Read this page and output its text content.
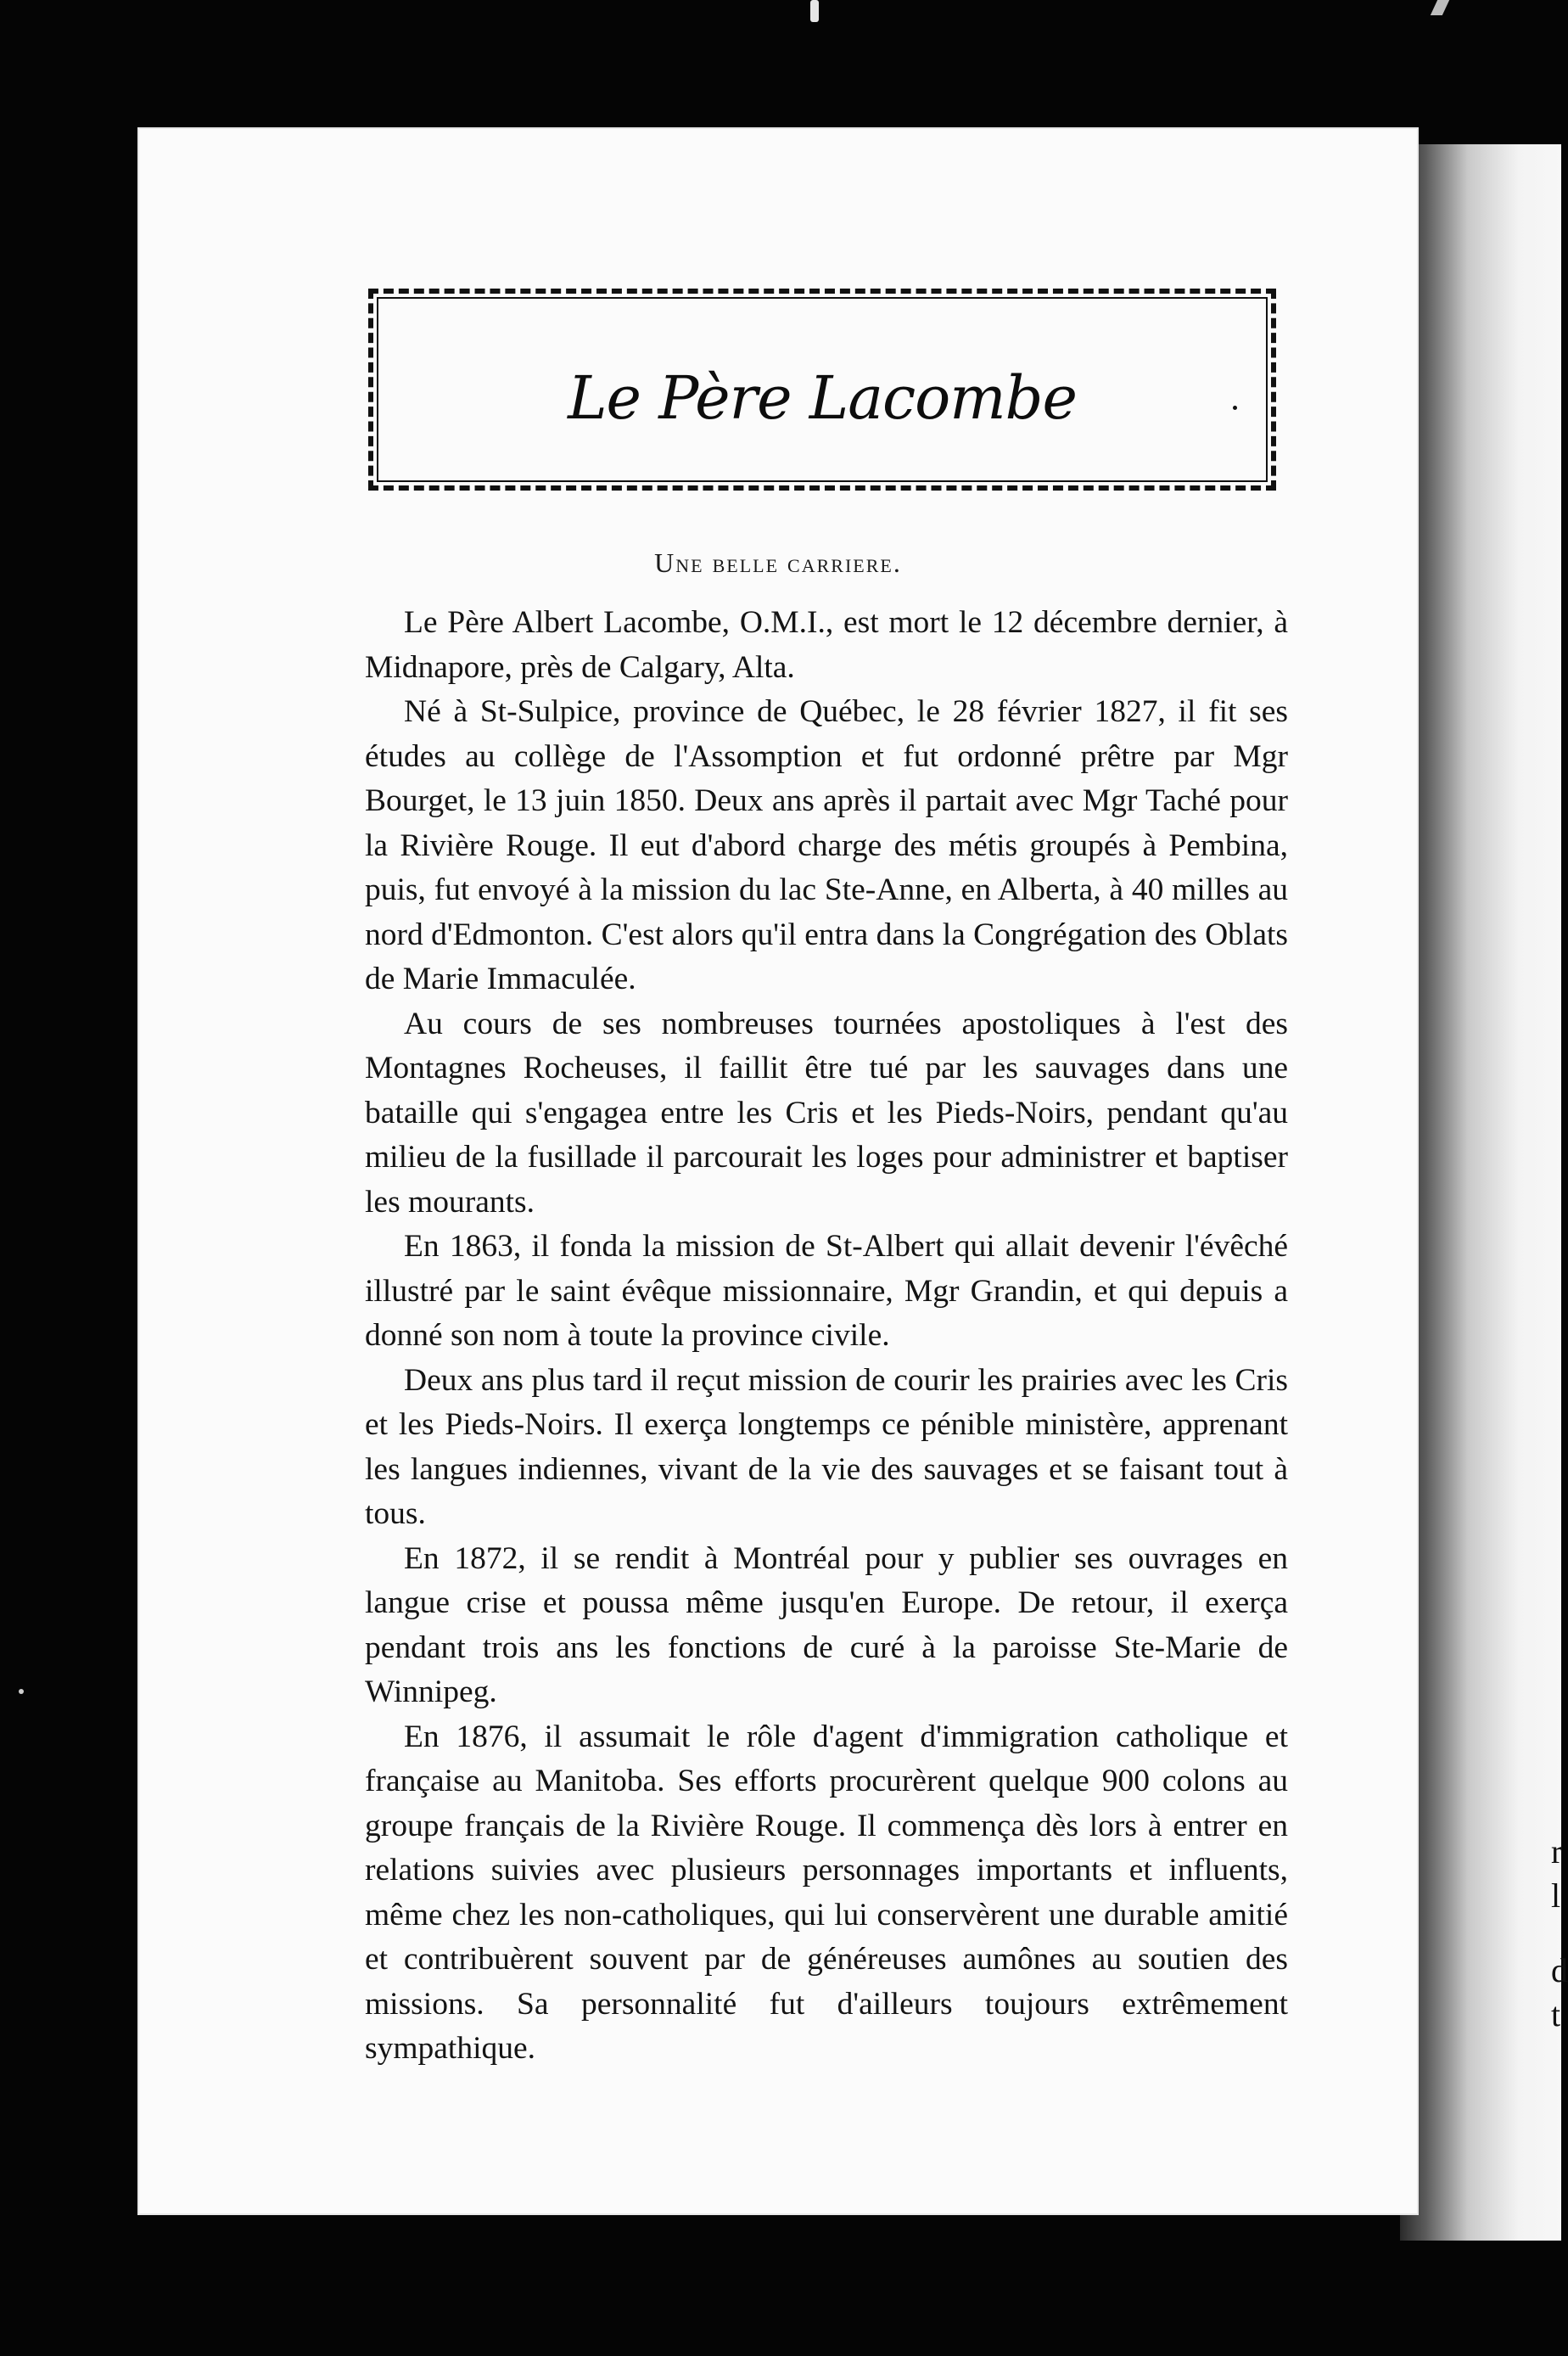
r
l
d
t
Le Père Lacombe
Une belle carriere.

Le Père Albert Lacombe, O.M.I., est mort le 12 décembre dernier, à Midnapore, près de Calgary, Alta.

Né à St-Sulpice, province de Québec, le 28 février 1827, il fit ses études au collège de l'Assomption et fut ordonné prêtre par Mgr Bourget, le 13 juin 1850. Deux ans après il partait avec Mgr Taché pour la Rivière Rouge. Il eut d'abord charge des métis groupés à Pembina, puis, fut envoyé à la mission du lac Ste-Anne, en Alberta, à 40 milles au nord d'Edmonton. C'est alors qu'il entra dans la Congrégation des Oblats de Marie Immaculée.

Au cours de ses nombreuses tournées apostoliques à l'est des Montagnes Rocheuses, il faillit être tué par les sauvages dans une bataille qui s'engagea entre les Cris et les Pieds-Noirs, pendant qu'au milieu de la fusillade il parcourait les loges pour administrer et baptiser les mourants.

En 1863, il fonda la mission de St-Albert qui allait devenir l'évêché illustré par le saint évêque missionnaire, Mgr Grandin, et qui depuis a donné son nom à toute la province civile.

Deux ans plus tard il reçut mission de courir les prairies avec les Cris et les Pieds-Noirs. Il exerça longtemps ce pénible ministère, apprenant les langues indiennes, vivant de la vie des sauvages et se faisant tout à tous.

En 1872, il se rendit à Montréal pour y publier ses ouvrages en langue crise et poussa même jusqu'en Europe. De retour, il exerça pendant trois ans les fonctions de curé à la paroisse Ste-Marie de Winnipeg.

En 1876, il assumait le rôle d'agent d'immigration catholique et française au Manitoba. Ses efforts procurèrent quelque 900 colons au groupe français de la Rivière Rouge. Il commença dès lors à entrer en relations suivies avec plusieurs personnages importants et influents, même chez les non-catholiques, qui lui conservèrent une durable amitié et contribuèrent souvent par de généreuses aumônes au soutien des missions. Sa personnalité fut d'ailleurs toujours extrêmement sympathique.
